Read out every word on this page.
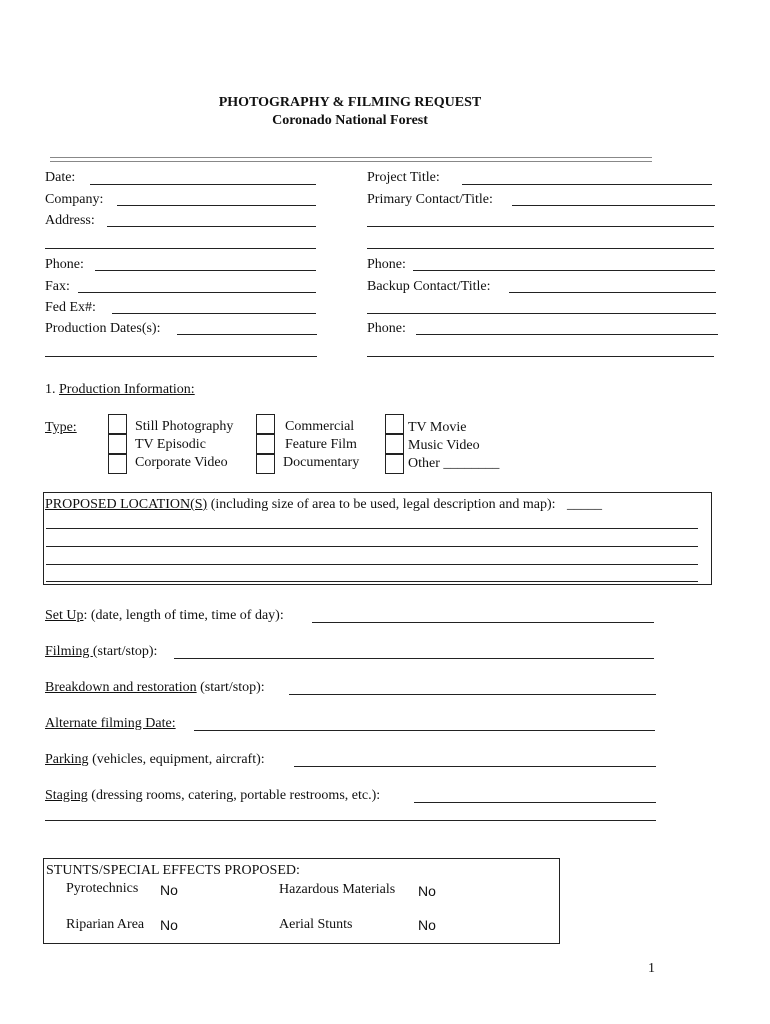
PHOTOGRAPHY & FILMING REQUEST
Coronado National Forest
Date:
Company:
Address:
Phone:
Fax:
Fed Ex#:
Production Dates(s):
Project Title:
Primary Contact/Title:
Phone:
Backup Contact/Title:
Phone:
1. Production Information:
Type:	Still Photography
TV Episodic
Corporate Video
Commercial
Feature Film
Documentary
TV Movie
Music Video
Other ________
PROPOSED LOCATION(S) (including size of area to be used, legal description and map): _____
Set Up: (date, length of time, time of day):
Filming (start/stop):
Breakdown and restoration (start/stop):
Alternate filming Date:
Parking (vehicles, equipment, aircraft):
Staging (dressing rooms, catering, portable restrooms, etc.):
STUNTS/SPECIAL EFFECTS PROPOSED:
Pyrotechnics No	Hazardous Materials No
Riparian Area No	Aerial Stunts	No
1
